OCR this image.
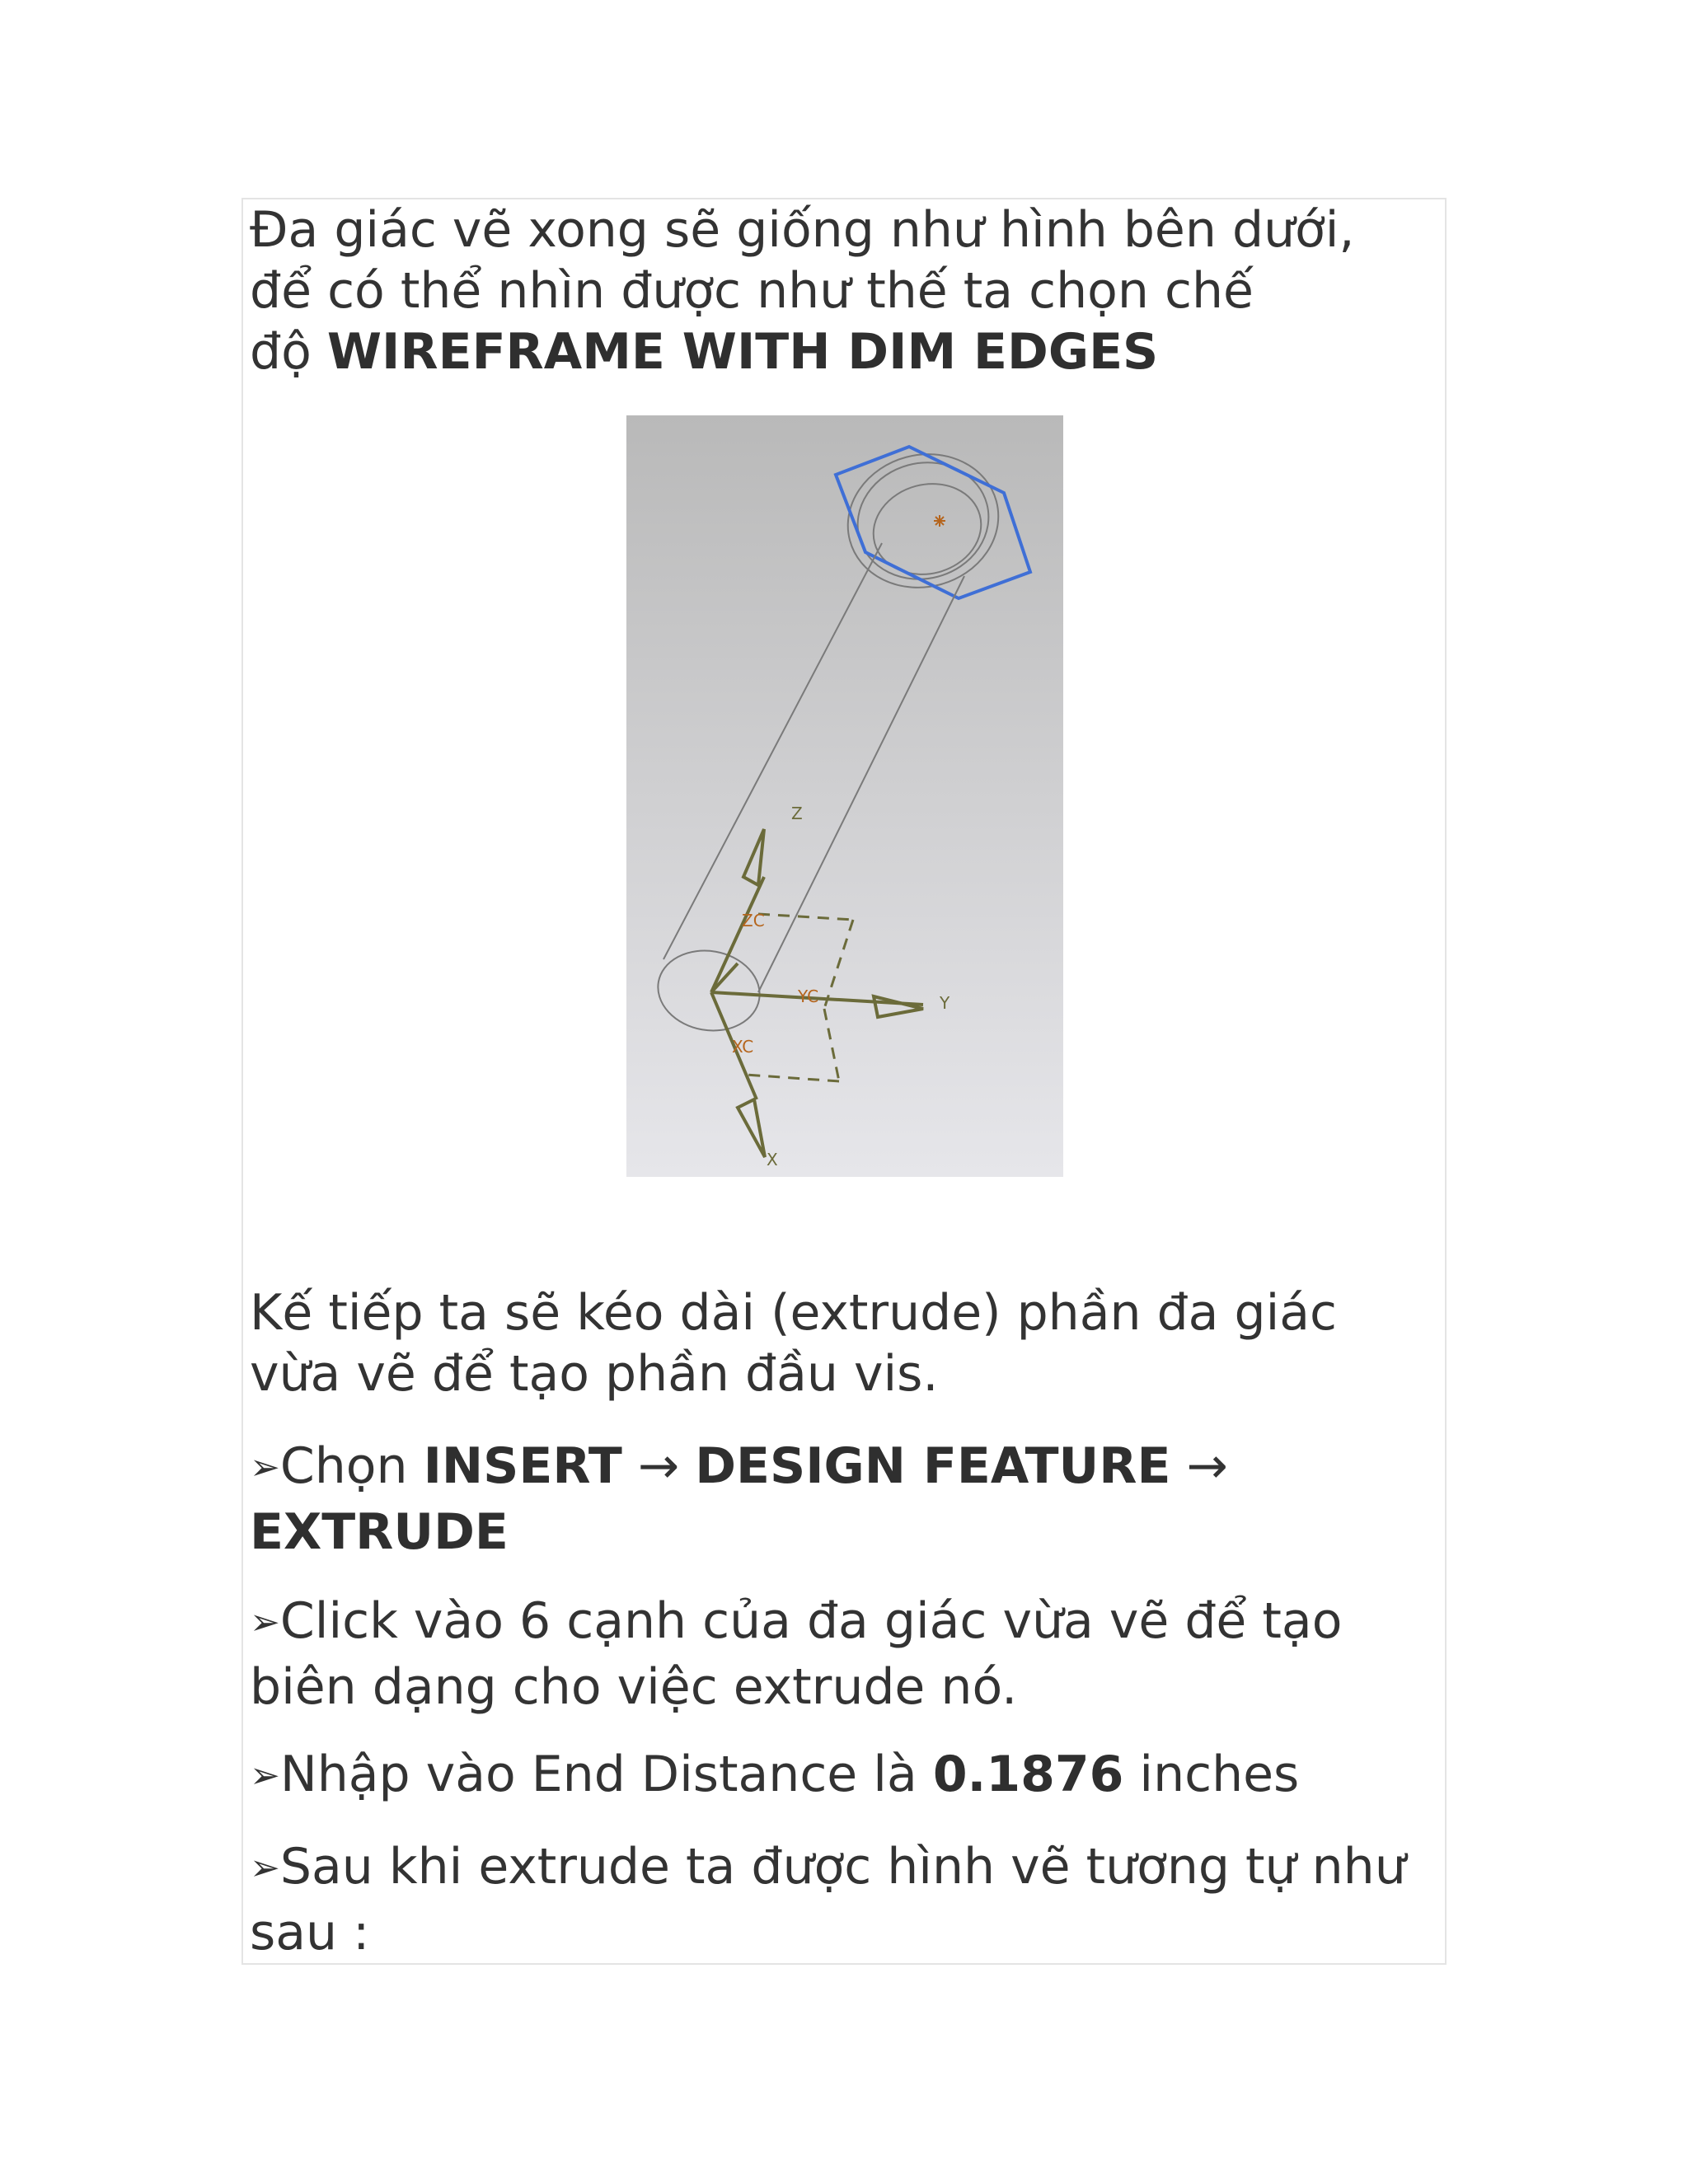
Đa giác vẽ xong sẽ giống như hình bên dưới,
để có thể nhìn được như thế ta chọn chế
độ WIREFRAME WITH DIM EDGES

Z
Y
X
ZC
YC
XC

Kế tiếp ta sẽ kéo dài (extrude) phần đa giác
vừa vẽ để tạo phần đầu vis.

➢Chọn INSERT → DESIGN FEATURE →
EXTRUDE

➢Click vào 6 cạnh của đa giác vừa vẽ để tạo
biên dạng cho việc extrude nó.

➢Nhập vào End Distance là 0.1876 inches

➢Sau khi extrude ta được hình vẽ tương tự như
sau :
